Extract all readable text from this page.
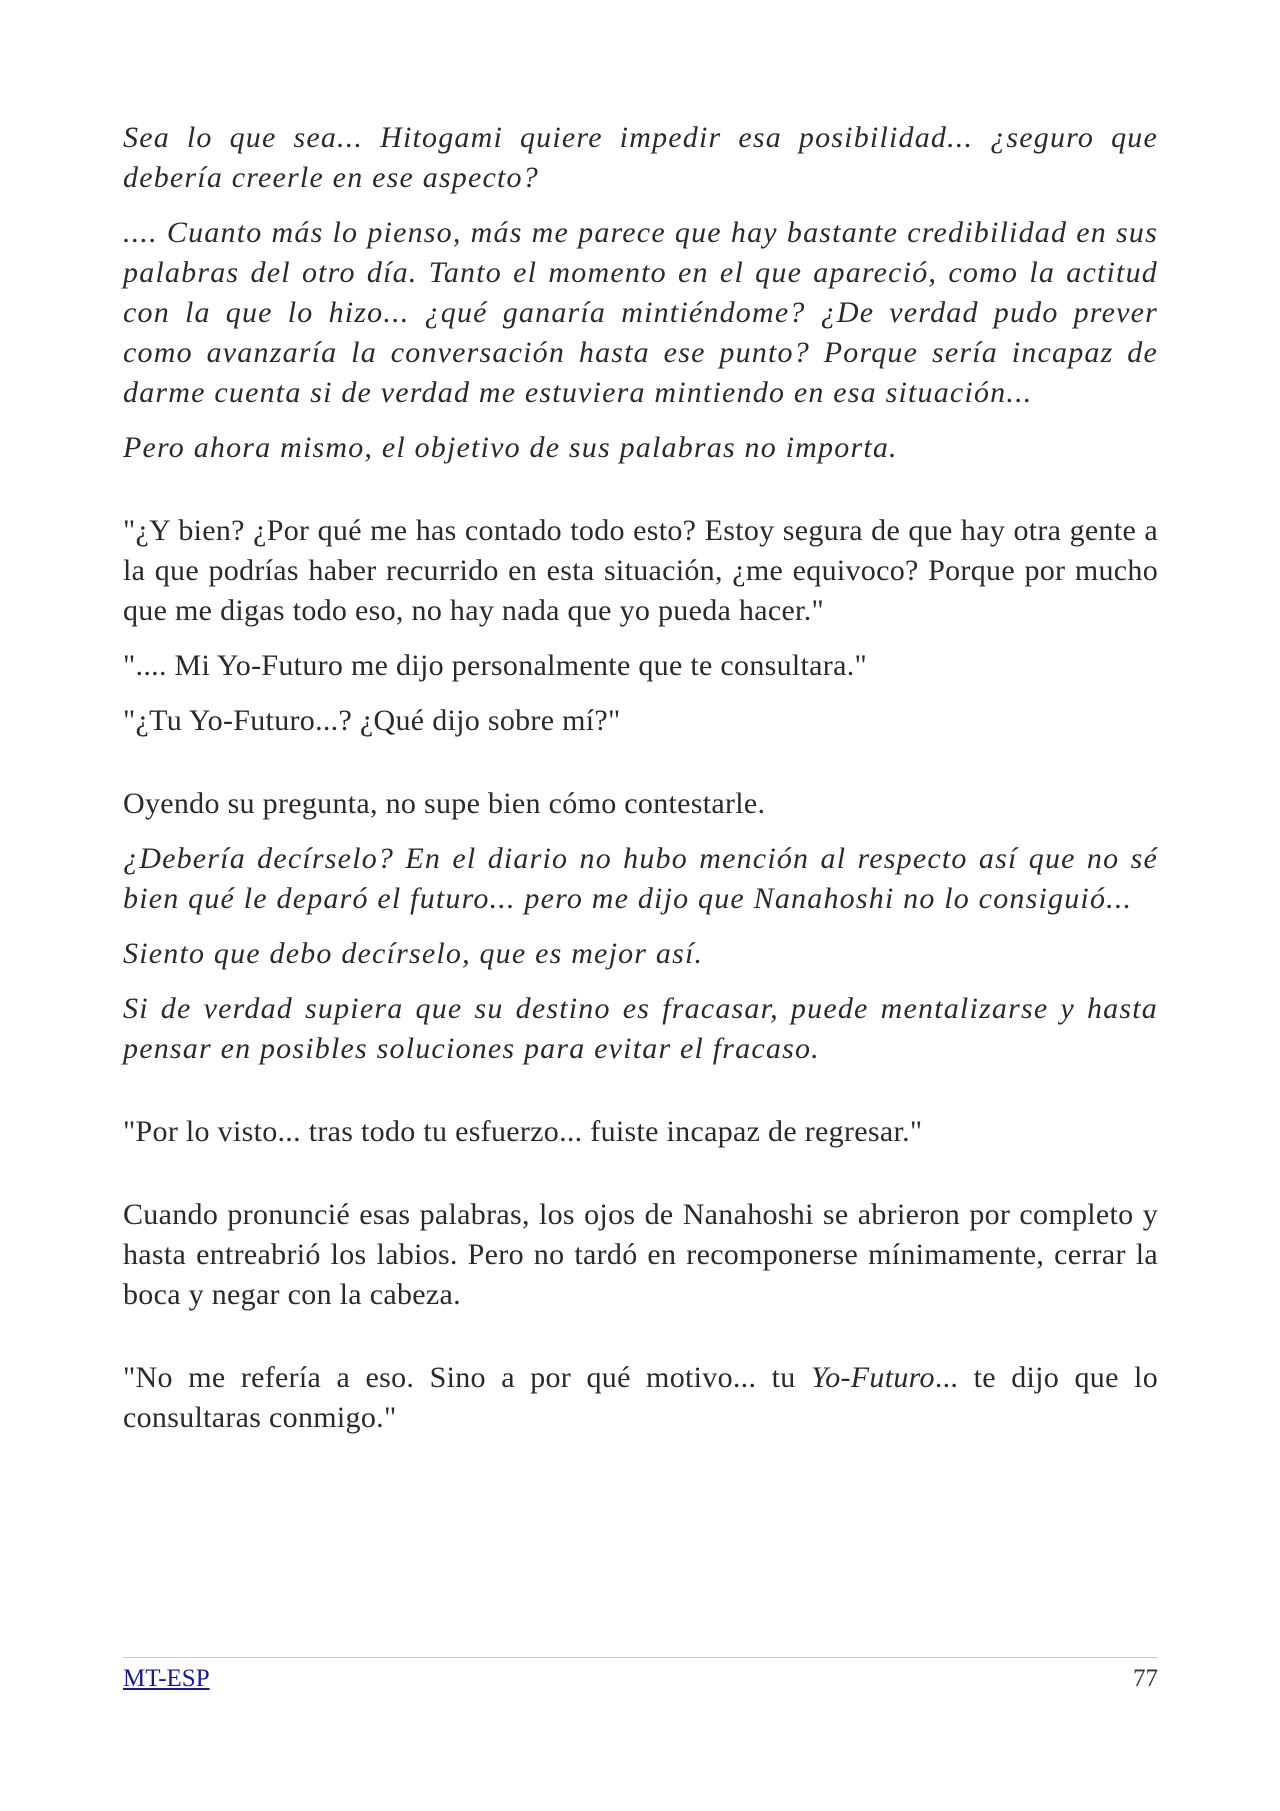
Sea lo que sea... Hitogami quiere impedir esa posibilidad... ¿seguro que debería creerle en ese aspecto?

.... Cuanto más lo pienso, más me parece que hay bastante credibilidad en sus palabras del otro día. Tanto el momento en el que apareció, como la actitud con la que lo hizo... ¿qué ganaría mintiéndome? ¿De verdad pudo prever como avanzaría la conversación hasta ese punto? Porque sería incapaz de darme cuenta si de verdad me estuviera mintiendo en esa situación...

Pero ahora mismo, el objetivo de sus palabras no importa.

"¿Y bien? ¿Por qué me has contado todo esto? Estoy segura de que hay otra gente a la que podrías haber recurrido en esta situación, ¿me equivoco? Porque por mucho que me digas todo eso, no hay nada que yo pueda hacer."

".... Mi Yo-Futuro me dijo personalmente que te consultara."

"¿Tu Yo-Futuro...? ¿Qué dijo sobre mí?"

Oyendo su pregunta, no supe bien cómo contestarle.

¿Debería decírselo? En el diario no hubo mención al respecto así que no sé bien qué le deparó el futuro... pero me dijo que Nanahoshi no lo consiguió...

Siento que debo decírselo, que es mejor así.

Si de verdad supiera que su destino es fracasar, puede mentalizarse y hasta pensar en posibles soluciones para evitar el fracaso.

"Por lo visto... tras todo tu esfuerzo... fuiste incapaz de regresar."

Cuando pronuncié esas palabras, los ojos de Nanahoshi se abrieron por completo y hasta entreabrió los labios. Pero no tardó en recomponerse mínimamente, cerrar la boca y negar con la cabeza.

"No me refería a eso. Sino a por qué motivo... tu Yo-Futuro... te dijo que lo consultaras conmigo."

MT-ESP	77
